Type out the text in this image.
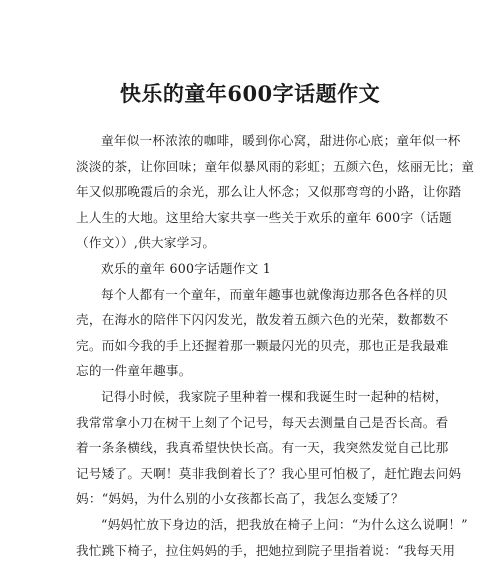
快乐的童年600字话题作文
童年似一杯浓浓的咖啡，暖到你心窝，甜进你心底；童年似一杯
淡淡的茶，让你回味；童年似暴风雨的彩虹；五颜六色，炫丽无比；童
年又似那晚霞后的余光，那么让人怀念；又似那弯弯的小路，让你踏
上人生的大地。这里给大家共享一些关于欢乐的童年 600字（话题
（作文））,供大家学习。
欢乐的童年 600字话题作文 1
每个人都有一个童年，而童年趣事也就像海边那各色各样的贝
壳，在海水的陪伴下闪闪发光，散发着五颜六色的光荣，数都数不
完。而如今我的手上还握着那一颗最闪光的贝壳，那也正是我最难
忘的一件童年趣事。
记得小时候，我家院子里种着一棵和我诞生时一起种的桔树，
我常常拿小刀在树干上刻了个记号，每天去测量自己是否长高。看
着一条条横线，我真希望快快长高。有一天，我突然发觉自己比那
记号矮了。天啊！莫非我倒着长了？我心里可怕极了，赶忙跑去问妈
妈：“妈妈，为什么别的小女孩都长高了，我怎么变矮了？
“妈妈忙放下身边的活，把我放在椅子上问：“为什么这么说啊！”
我忙跳下椅子，拉住妈妈的手，把她拉到院子里指着说：“我每天用
